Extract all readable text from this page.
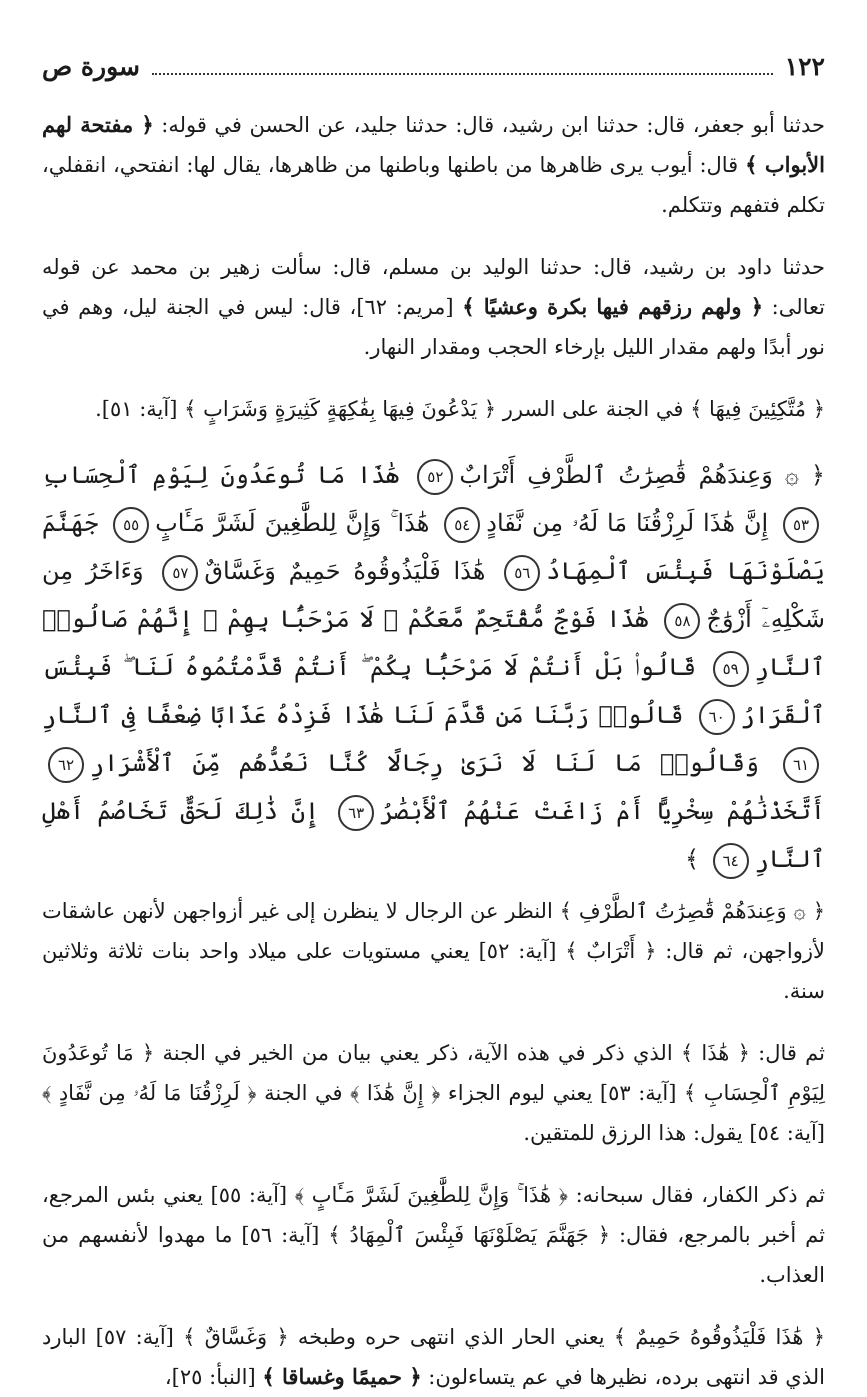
١٢٢
سورة ص

حدثنا أبو جعفر، قال: حدثنا ابن رشيد، قال: حدثنا جليد، عن الحسن في قوله: ﴿ مفتحة لهم الأبواب ﴾ قال: أيوب يرى ظاهرها من باطنها وباطنها من ظاهرها، يقال لها: انفتحي، انقفلي، تكلم فتفهم وتتكلم.

حدثنا داود بن رشيد، قال: حدثنا الوليد بن مسلم، قال: سألت زهير بن محمد عن قوله تعالى: ﴿ ولهم رزقهم فيها بكرة وعشيًا ﴾ [مريم: ٦٢]، قال: ليس في الجنة ليل، وهم في نور أبدًا ولهم مقدار الليل بإرخاء الحجب ومقدار النهار.

﴿ مُتَّكِئِينَ فِيهَا ﴾ في الجنة على السرر ﴿ يَدْعُونَ فِيهَا بِفَٰكِهَةٍ كَثِيرَةٍ وَشَرَابٍ ﴾ [آية: ٥١].

﴿ ۞ وَعِندَهُمْ قَٰصِرَٰتُ ٱلطَّرْفِ أَتْرَابٌ٥٢ هَٰذَا مَا تُوعَدُونَ لِيَوْمِ ٱلْحِسَابِ٥٣ إِنَّ هَٰذَا لَرِزْقُنَا مَا لَهُۥ مِن نَّفَادٍ٥٤ هَٰذَا ۚ وَإِنَّ لِلطَّٰغِينَ لَشَرَّ مَـَٔابٍ٥٥ جَهَنَّمَ يَصْلَوْنَهَا فَبِئْسَ ٱلْمِهَادُ٥٦ هَٰذَا فَلْيَذُوقُوهُ حَمِيمٌ وَغَسَّاقٌ٥٧ وَءَاخَرُ مِن شَكْلِهِۦٓ أَزْوَٰجٌ٥٨ هَٰذَا فَوْجٌ مُّقْتَحِمٌ مَّعَكُمْ ۖ لَا مَرْحَبًۢا بِهِمْ ۚ إِنَّهُمْ صَالُوا۟ ٱلنَّارِ٥٩ قَالُوا۟ بَلْ أَنتُمْ لَا مَرْحَبًۢا بِكُمْ ۖ أَنتُمْ قَدَّمْتُمُوهُ لَنَا ۖ فَبِئْسَ ٱلْقَرَارُ٦٠ قَالُوا۟ رَبَّنَا مَن قَدَّمَ لَنَا هَٰذَا فَزِدْهُ عَذَابًا ضِعْفًا فِى ٱلنَّارِ٦١ وَقَالُوا۟ مَا لَنَا لَا نَرَىٰ رِجَالًا كُنَّا نَعُدُّهُم مِّنَ ٱلْأَشْرَارِ٦٢ أَتَّخَذْنَٰهُمْ سِخْرِيًّا أَمْ زَاغَتْ عَنْهُمُ ٱلْأَبْصَٰرُ٦٣ إِنَّ ذَٰلِكَ لَحَقٌّ تَخَاصُمُ أَهْلِ ٱلنَّارِ٦٤ ﴾

﴿ ۞ وَعِندَهُمْ قَٰصِرَٰتُ ٱلطَّرْفِ ﴾ النظر عن الرجال لا ينظرن إلى غير أزواجهن لأنهن عاشقات لأزواجهن، ثم قال: ﴿ أَتْرَابٌ ﴾ [آية: ٥٢] يعني مستويات على ميلاد واحد بنات ثلاثة وثلاثين سنة.

ثم قال: ﴿ هَٰذَا ﴾ الذي ذكر في هذه الآية، ذكر يعني بيان من الخير في الجنة ﴿ مَا تُوعَدُونَ لِيَوْمِ ٱلْحِسَابِ ﴾ [آية: ٥٣] يعني ليوم الجزاء ﴿ إِنَّ هَٰذَا ﴾ في الجنة ﴿ لَرِزْقُنَا مَا لَهُۥ مِن نَّفَادٍ ﴾ [آية: ٥٤] يقول: هذا الرزق للمتقين.

ثم ذكر الكفار، فقال سبحانه: ﴿ هَٰذَا ۚ وَإِنَّ لِلطَّٰغِينَ لَشَرَّ مَـَٔابٍ ﴾ [آية: ٥٥] يعني بئس المرجع، ثم أخبر بالمرجع، فقال: ﴿ جَهَنَّمَ يَصْلَوْنَهَا فَبِئْسَ ٱلْمِهَادُ ﴾ [آية: ٥٦] ما مهدوا لأنفسهم من العذاب.

﴿ هَٰذَا فَلْيَذُوقُوهُ حَمِيمٌ ﴾ يعني الحار الذي انتهى حره وطبخه ﴿ وَغَسَّاقٌ ﴾ [آية: ٥٧] البارد الذي قد انتهى برده، نظيرها في عم يتساءلون: ﴿ حميمًا وغساقا ﴾ [النبأ: ٢٥]،
